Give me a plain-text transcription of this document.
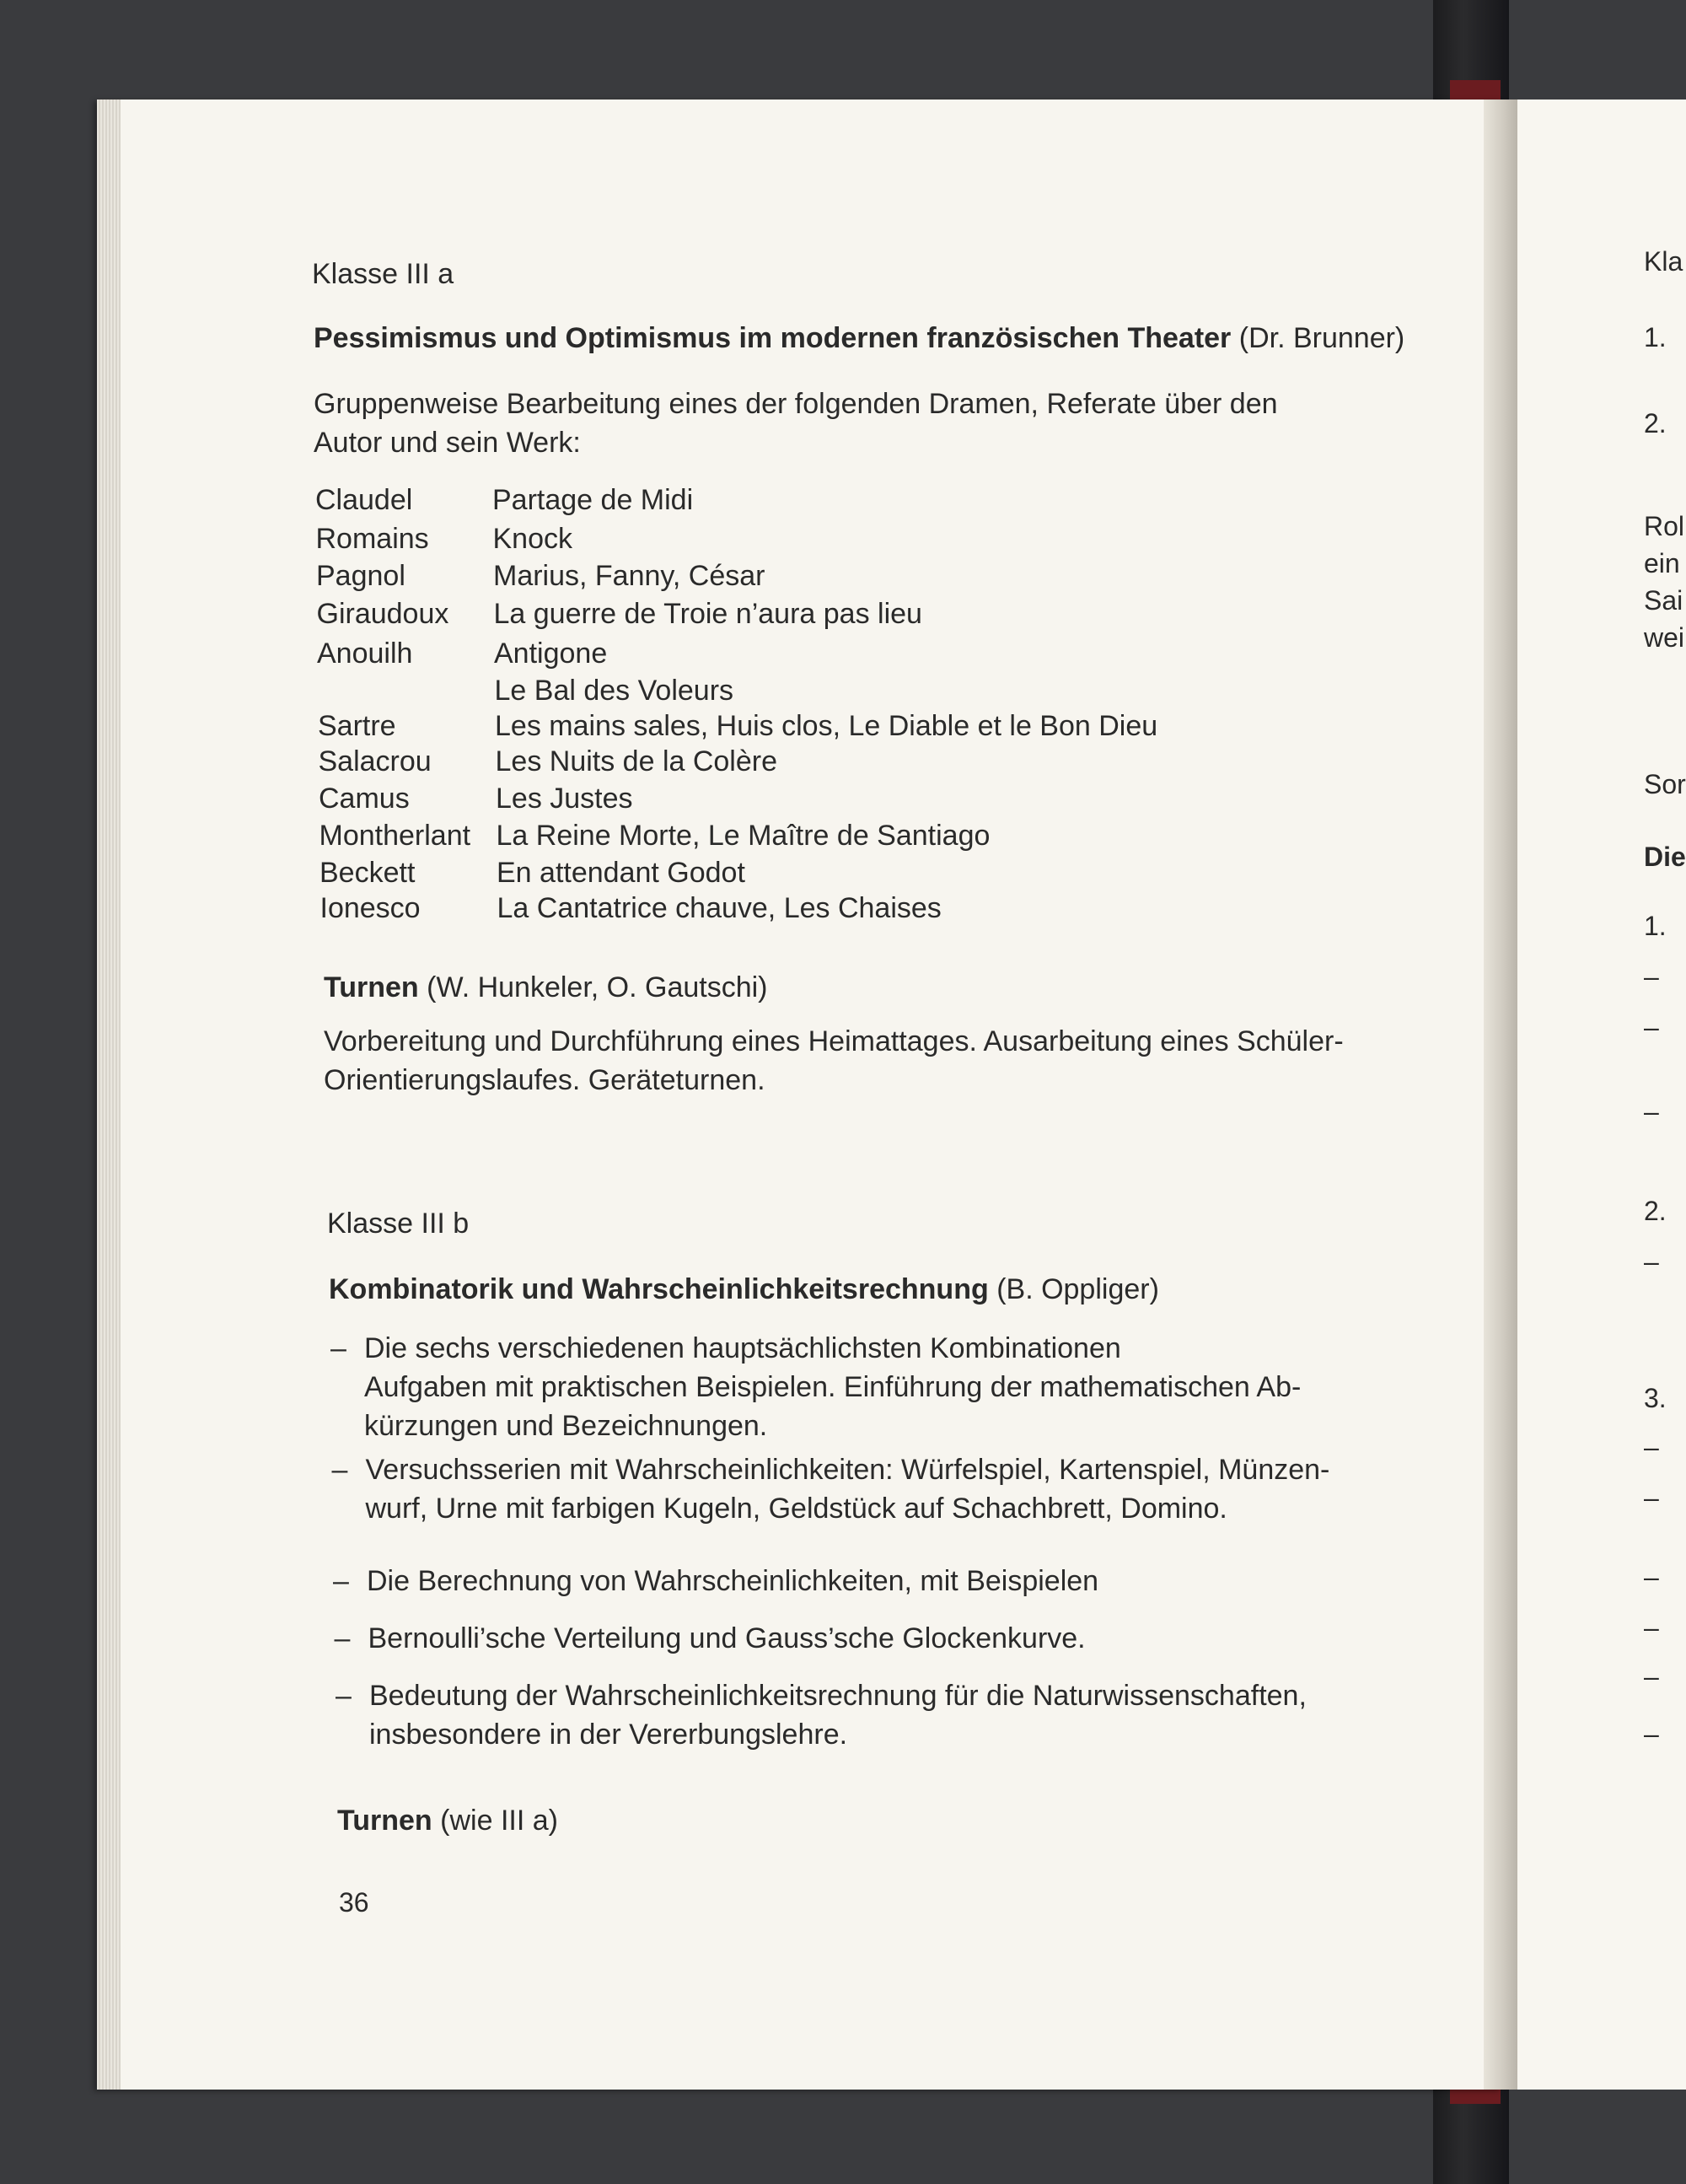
Klasse III a
Pessimismus und Optimismus im modernen französischen Theater (Dr. Brunner)
Gruppenweise Bearbeitung eines der folgenden Dramen, Referate über den
Autor und sein Werk:
Claudel	Partage de Midi
Romains	Knock
Pagnol	Marius, Fanny, César
Giraudoux	La guerre de Troie n’aura pas lieu
Anouilh	Antigone
Le Bal des Voleurs
Sartre	Les mains sales, Huis clos, Le Diable et le Bon Dieu
Salacrou	Les Nuits de la Colère
Camus	Les Justes
Montherlant La Reine Morte, Le Maître de Santiago
Beckett	En attendant Godot
Ionesco	La Cantatrice chauve, Les Chaises
Turnen (W. Hunkeler, O. Gautschi)
Vorbereitung und Durchführung eines Heimattages. Ausarbeitung eines Schüler-
Orientierungslaufes. Geräteturnen.
Klasse III b
Kombinatorik und Wahrscheinlichkeitsrechnung (B. Oppliger)
– Die sechs verschiedenen hauptsächlichsten Kombinationen
Aufgaben mit praktischen Beispielen. Einführung der mathematischen Ab-
kürzungen und Bezeichnungen.
– Versuchsserien mit Wahrscheinlichkeiten: Würfelspiel, Kartenspiel, Münzen-
wurf, Urne mit farbigen Kugeln, Geldstück auf Schachbrett, Domino.
– Die Berechnung von Wahrscheinlichkeiten, mit Beispielen
– Bernoulli’sche Verteilung und Gauss’sche Glockenkurve.
– Bedeutung der Wahrscheinlichkeitsrechnung für die Naturwissenschaften,
insbesondere in der Vererbungslehre.
Turnen (wie III a)
36
Kla
1.
2.
Rol
ein
Sai
wei
Sor
Die
1.
–
–
–
2.
–
3.
–
–
–
–
–
–
